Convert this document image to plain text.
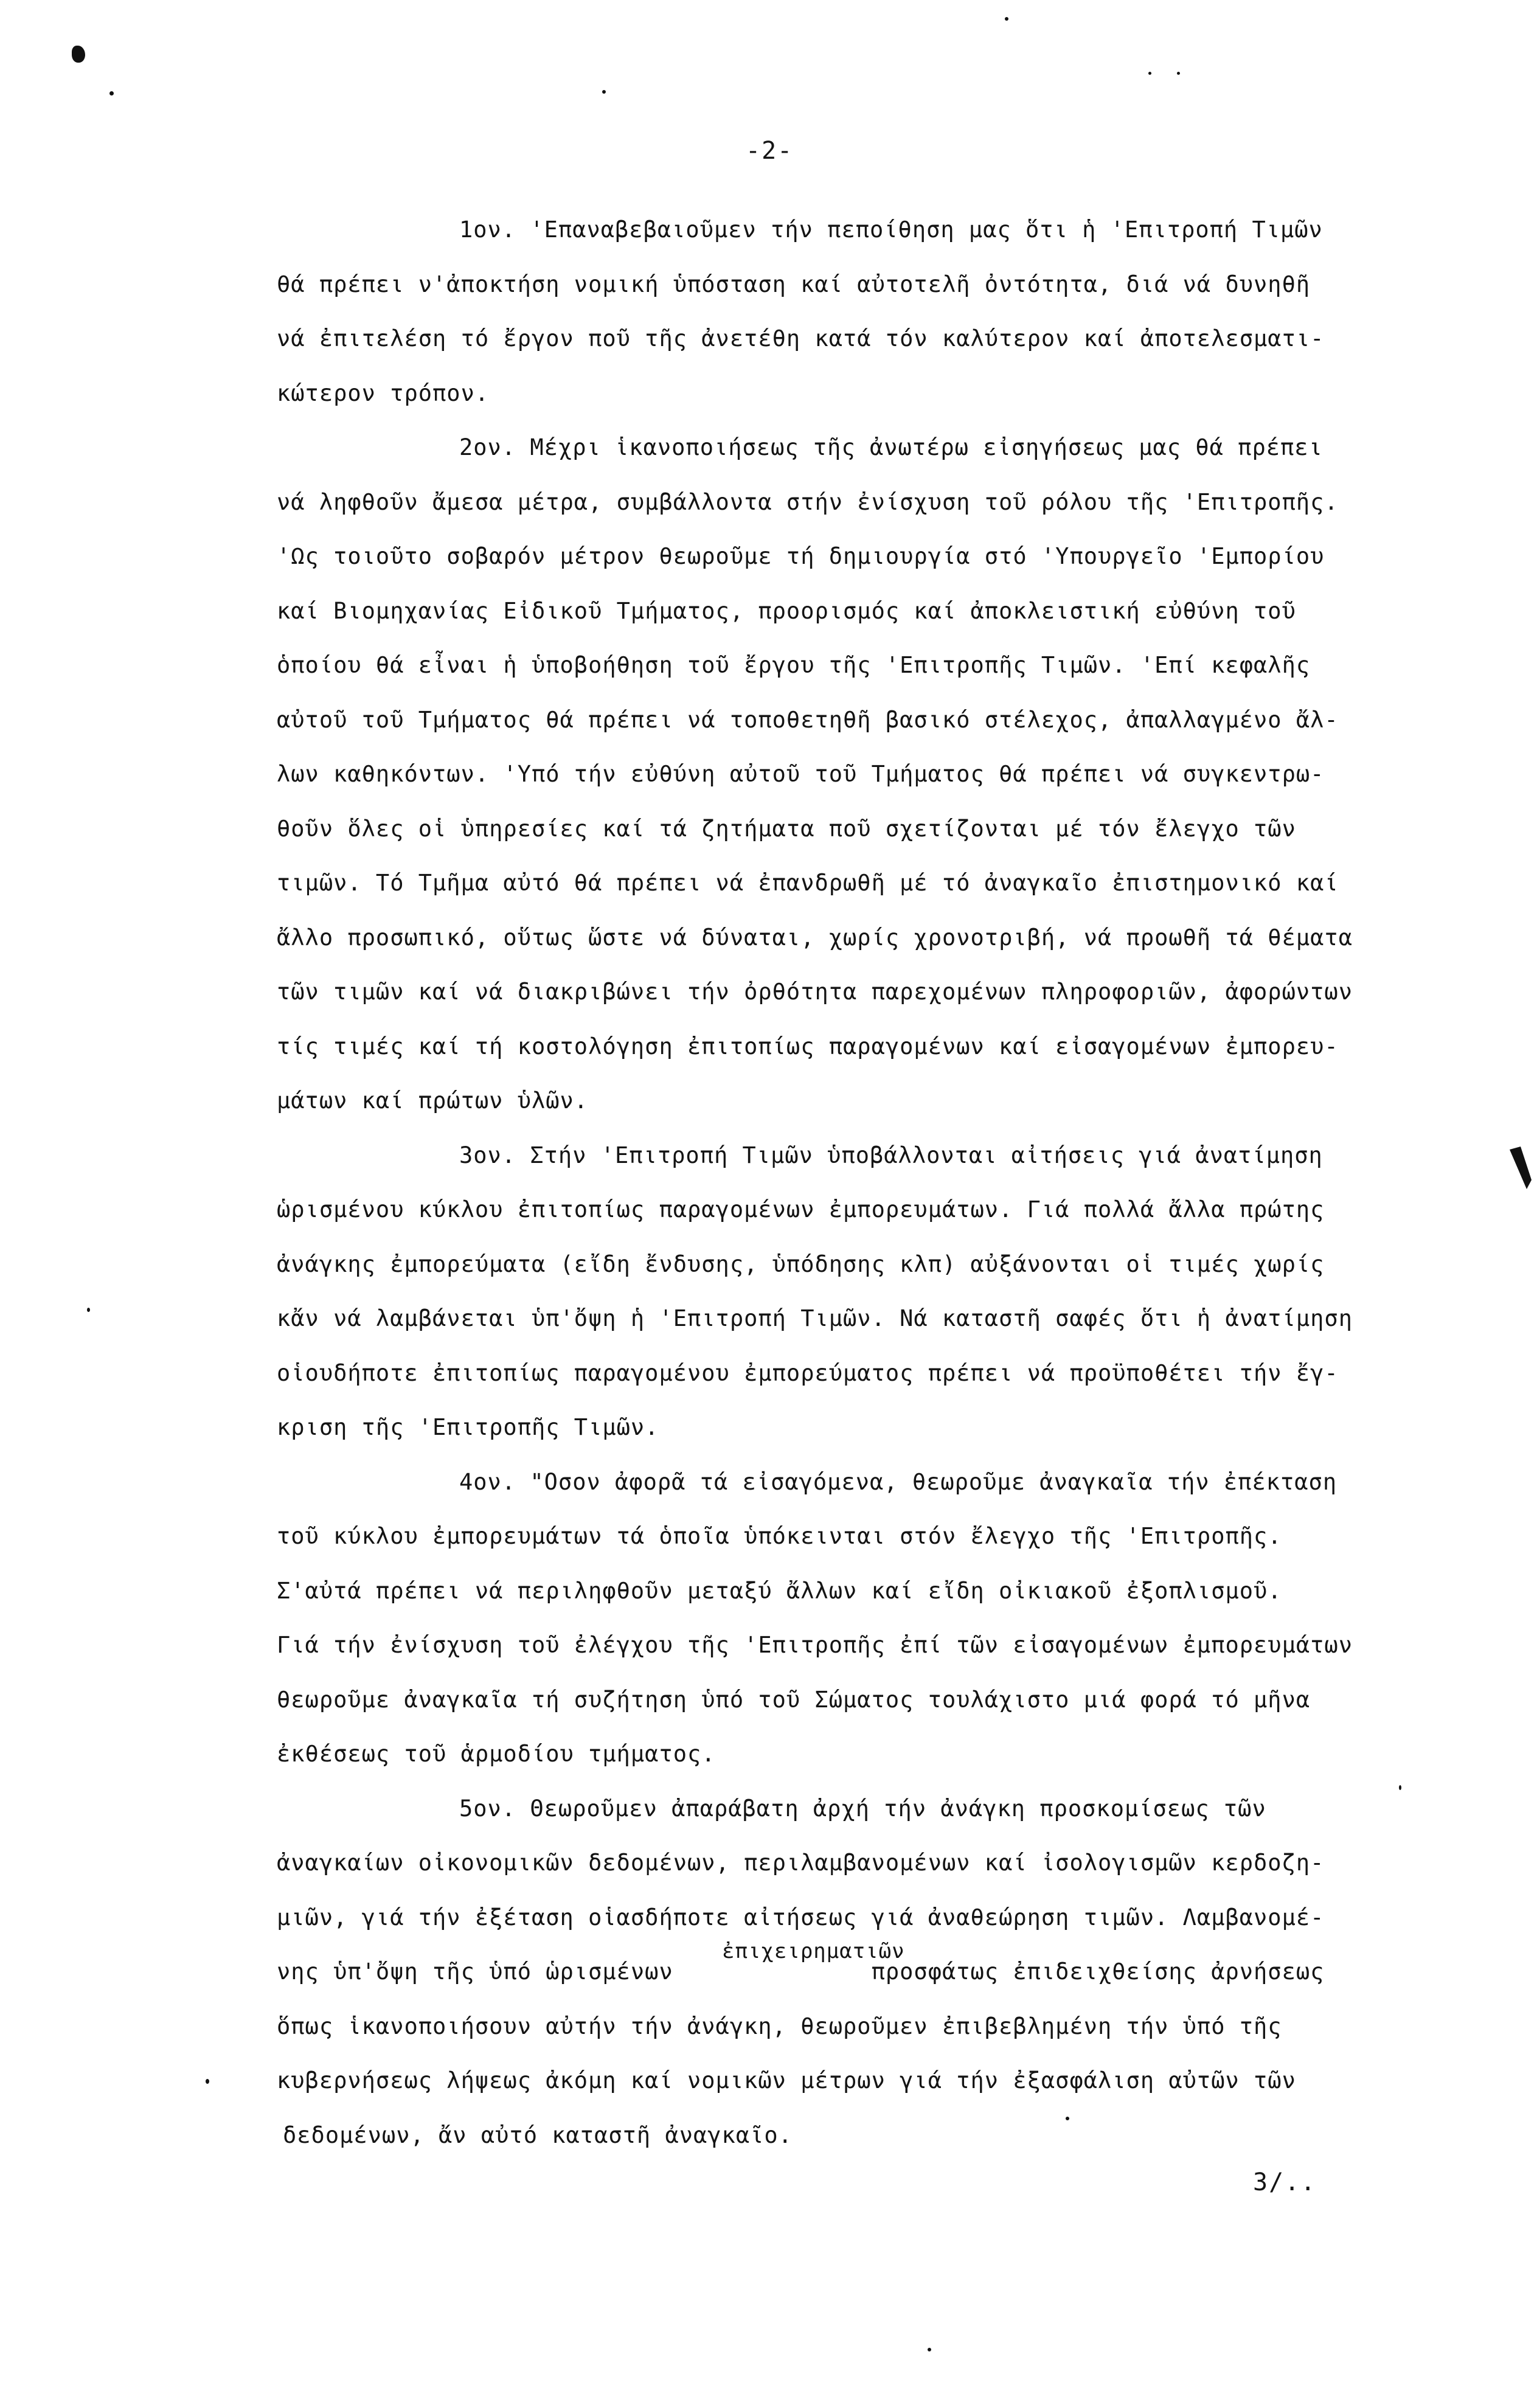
-2-
1ον. 'Επαναβεβαιοῦμεν τήν πεποίθηση μας ὅτι ἡ 'Επιτροπή Τιμῶν
θά πρέπει ν'ἀποκτήση νομική ὑπόσταση καί αὐτοτελῆ ὀντότητα, διά νά δυνηθῆ
νά ἐπιτελέση τό ἔργον ποῦ τῆς ἀνετέθη κατά τόν καλύτερον καί ἀποτελεσματι-
κώτερον τρόπον.
2ον. Μέχρι ἱκανοποιήσεως τῆς ἀνωτέρω εἰσηγήσεως μας θά πρέπει
νά ληφθοῦν ἄμεσα μέτρα, συμβάλλοντα στήν ἐνίσχυση τοῦ ρόλου τῆς 'Επιτροπῆς.
'Ως τοιοῦτο σοβαρόν μέτρον θεωροῦμε τή δημιουργία στό 'Υπουργεῖο 'Εμπορίου
καί Βιομηχανίας Εἰδικοῦ Τμήματος, προορισμός καί ἀποκλειστική εὐθύνη τοῦ
ὁποίου θά εἶναι ἡ ὑποβοήθηση τοῦ ἔργου τῆς 'Επιτροπῆς Τιμῶν. 'Επί κεφαλῆς
αὐτοῦ τοῦ Τμήματος θά πρέπει νά τοποθετηθῆ βασικό στέλεχος, ἀπαλλαγμένο ἄλ-
λων καθηκόντων. 'Υπό τήν εὐθύνη αὐτοῦ τοῦ Τμήματος θά πρέπει νά συγκεντρω-
θοῦν ὅλες οἱ ὑπηρεσίες καί τά ζητήματα ποῦ σχετίζονται μέ τόν ἔλεγχο τῶν
τιμῶν. Τό Τμῆμα αὐτό θά πρέπει νά ἐπανδρωθῆ μέ τό ἀναγκαῖο ἐπιστημονικό καί
ἄλλο προσωπικό, οὕτως ὥστε νά δύναται, χωρίς χρονοτριβή, νά προωθῆ τά θέματα
τῶν τιμῶν καί νά διακριβώνει τήν ὀρθότητα παρεχομένων πληροφοριῶν, ἀφορώντων
τίς τιμές καί τή κοστολόγηση ἐπιτοπίως παραγομένων καί εἰσαγομένων ἐμπορευ-
μάτων καί πρώτων ὑλῶν.
3ον. Στήν 'Επιτροπή Τιμῶν ὑποβάλλονται αἰτήσεις γιά ἀνατίμηση
ὡρισμένου κύκλου ἐπιτοπίως παραγομένων ἐμπορευμάτων. Γιά πολλά ἄλλα πρώτης
ἀνάγκης ἐμπορεύματα (εἴδη ἔνδυσης, ὑπόδησης κλπ) αὐξάνονται οἱ τιμές χωρίς
κἄν νά λαμβάνεται ὑπ'ὄψη ἡ 'Επιτροπή Τιμῶν. Νά καταστῆ σαφές ὅτι ἡ ἀνατίμηση
οἱουδήποτε ἐπιτοπίως παραγομένου ἐμπορεύματος πρέπει νά προϋποθέτει τήν ἔγ-
κριση τῆς 'Επιτροπῆς Τιμῶν.
4ον. "Οσον ἀφορᾶ τά εἰσαγόμενα, θεωροῦμε ἀναγκαῖα τήν ἐπέκταση
τοῦ κύκλου ἐμπορευμάτων τά ὁποῖα ὑπόκεινται στόν ἔλεγχο τῆς 'Επιτροπῆς.
Σ'αὐτά πρέπει νά περιληφθοῦν μεταξύ ἄλλων καί εἴδη οἰκιακοῦ ἐξοπλισμοῦ.
Γιά τήν ἐνίσχυση τοῦ ἐλέγχου τῆς 'Επιτροπῆς ἐπί τῶν εἰσαγομένων ἐμπορευμάτων
θεωροῦμε ἀναγκαῖα τή συζήτηση ὑπό τοῦ Σώματος τουλάχιστο μιά φορά τό μῆνα
ἐκθέσεως τοῦ ἁρμοδίου τμήματος.
5ον. Θεωροῦμεν ἀπαράβατη ἀρχή τήν ἀνάγκη προσκομίσεως τῶν
ἀναγκαίων οἰκονομικῶν δεδομένων, περιλαμβανομένων καί ἰσολογισμῶν κερδοζη-
μιῶν, γιά τήν ἐξέταση οἱασδήποτε αἰτήσεως γιά ἀναθεώρηση τιμῶν. Λαμβανομέ-
νης ὑπ'ὄψη τῆς ὑπό ὡρισμένων              προσφάτως ἐπιδειχθείσης ἀρνήσεως
ὅπως ἱκανοποιήσουν αὐτήν τήν ἀνάγκη, θεωροῦμεν ἐπιβεβλημένη τήν ὑπό τῆς
κυβερνήσεως λήψεως ἀκόμη καί νομικῶν μέτρων γιά τήν ἐξασφάλιση αὐτῶν τῶν
δεδομένων, ἄν αὐτό καταστῆ ἀναγκαῖο.
ἐπιχειρηματιῶν
3/..
